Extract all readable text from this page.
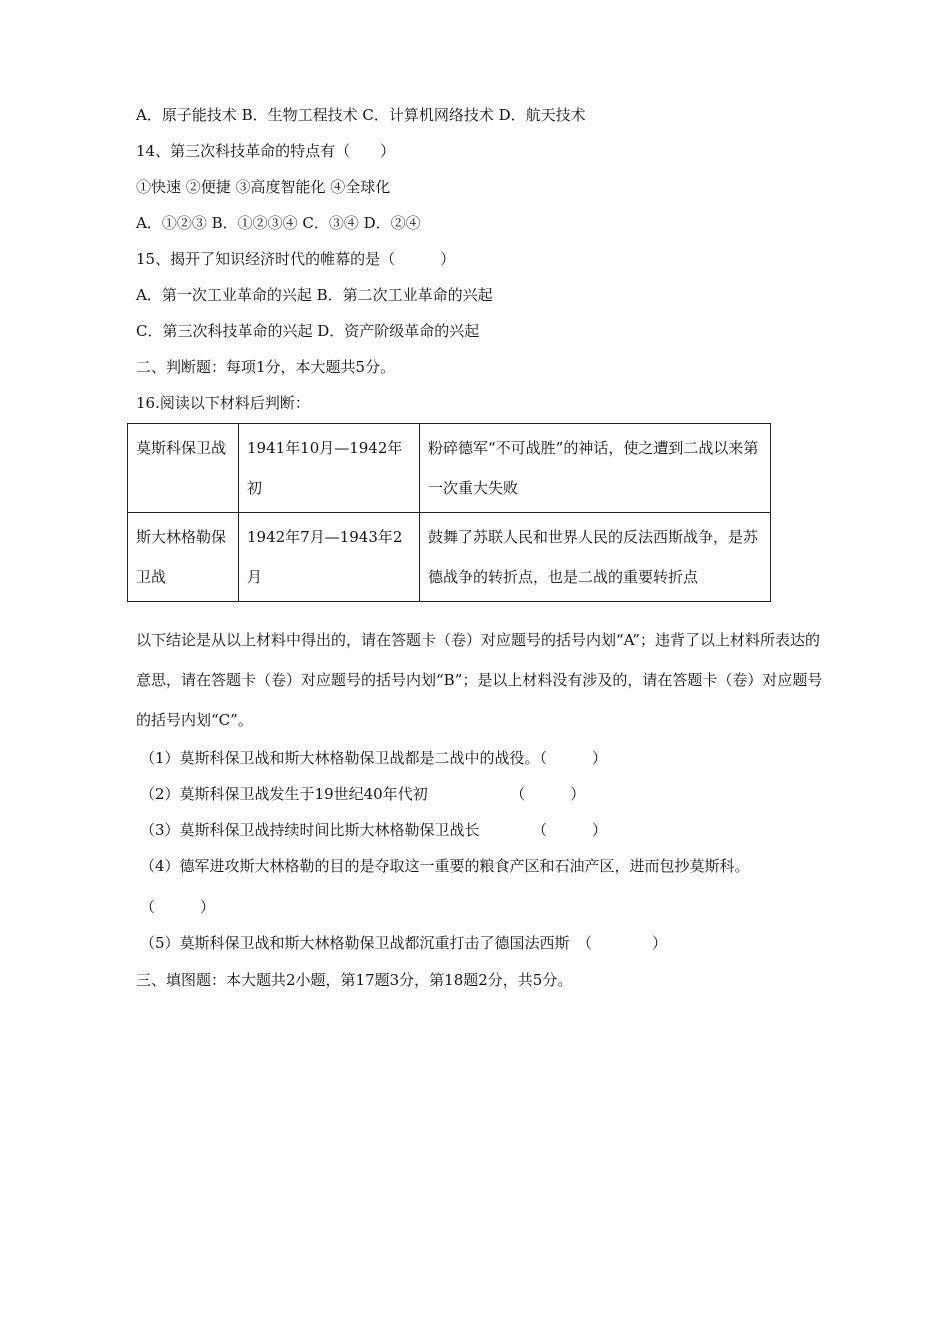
A．原子能技术 B．生物工程技术 C．计算机网络技术 D．航天技术
14、第三次科技革命的特点有（　　）
①快速 ②便捷 ③高度智能化 ④全球化
A．①②③ B．①②③④ C．③④ D．②④
15、揭开了知识经济时代的帷幕的是（　　　）
A．第一次工业革命的兴起 B．第二次工业革命的兴起
C．第三次科技革命的兴起 D．资产阶级革命的兴起
二、判断题：每项1分，本大题共5分。
16.阅读以下材料后判断：
莫斯科保卫战	1941年10月—1942年初	粉碎德军“不可战胜”的神话，使之遭到二战以来第一次重大失败
斯大林格勒保卫战	1942年7月—1943年2月	鼓舞了苏联人民和世界人民的反法西斯战争，是苏德战争的转折点，也是二战的重要转折点
以下结论是从以上材料中得出的，请在答题卡（卷）对应题号的括号内划“A”；违背了以上材料所表达的意思，请在答题卡（卷）对应题号的括号内划“B”；是以上材料没有涉及的，请在答题卡（卷）对应题号的括号内划“C”。
（1）莫斯科保卫战和斯大林格勒保卫战都是二战中的战役。（　　　）
（2）莫斯科保卫战发生于19世纪40年代初　　　　　　（　　　）
（3）莫斯科保卫战持续时间比斯大林格勒保卫战长　　　　（　　　）
（4）德军进攻斯大林格勒的目的是夺取这一重要的粮食产区和石油产区，进而包抄莫斯科。
（　　　）
（5）莫斯科保卫战和斯大林格勒保卫战都沉重打击了德国法西斯　（　　　　）
三、填图题：本大题共2小题，第17题3分，第18题2分，共5分。
